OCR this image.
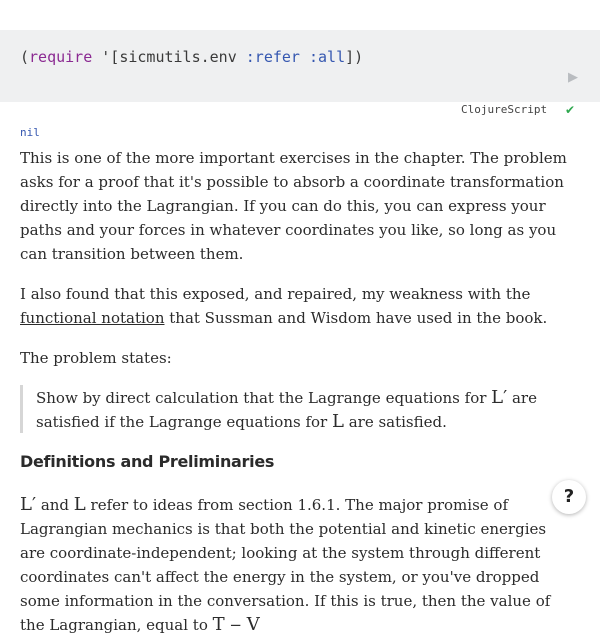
(require '[sicmutils.env :refer :all])
▶
ClojureScript ✔
nil

This is one of the more important exercises in the chapter. The problem asks for a proof that it's possible to absorb a coordinate transformation directly into the Lagrangian. If you can do this, you can express your paths and your forces in whatever coordinates you like, so long as you can transition between them.

I also found that this exposed, and repaired, my weakness with the functional notation that Sussman and Wisdom have used in the book.

The problem states:

Show by direct calculation that the Lagrange equations for L′ are satisfied if the Lagrange equations for L are satisfied.
Definitions and Preliminaries

L′ and L refer to ideas from section 1.6.1. The major promise of Lagrangian mechanics is that both the potential and kinetic energies are coordinate-independent; looking at the system through different coordinates can't affect the energy in the system, or you've dropped some information in the conversation. If this is true, then the value of the Lagrangian, equal to T − V

?
